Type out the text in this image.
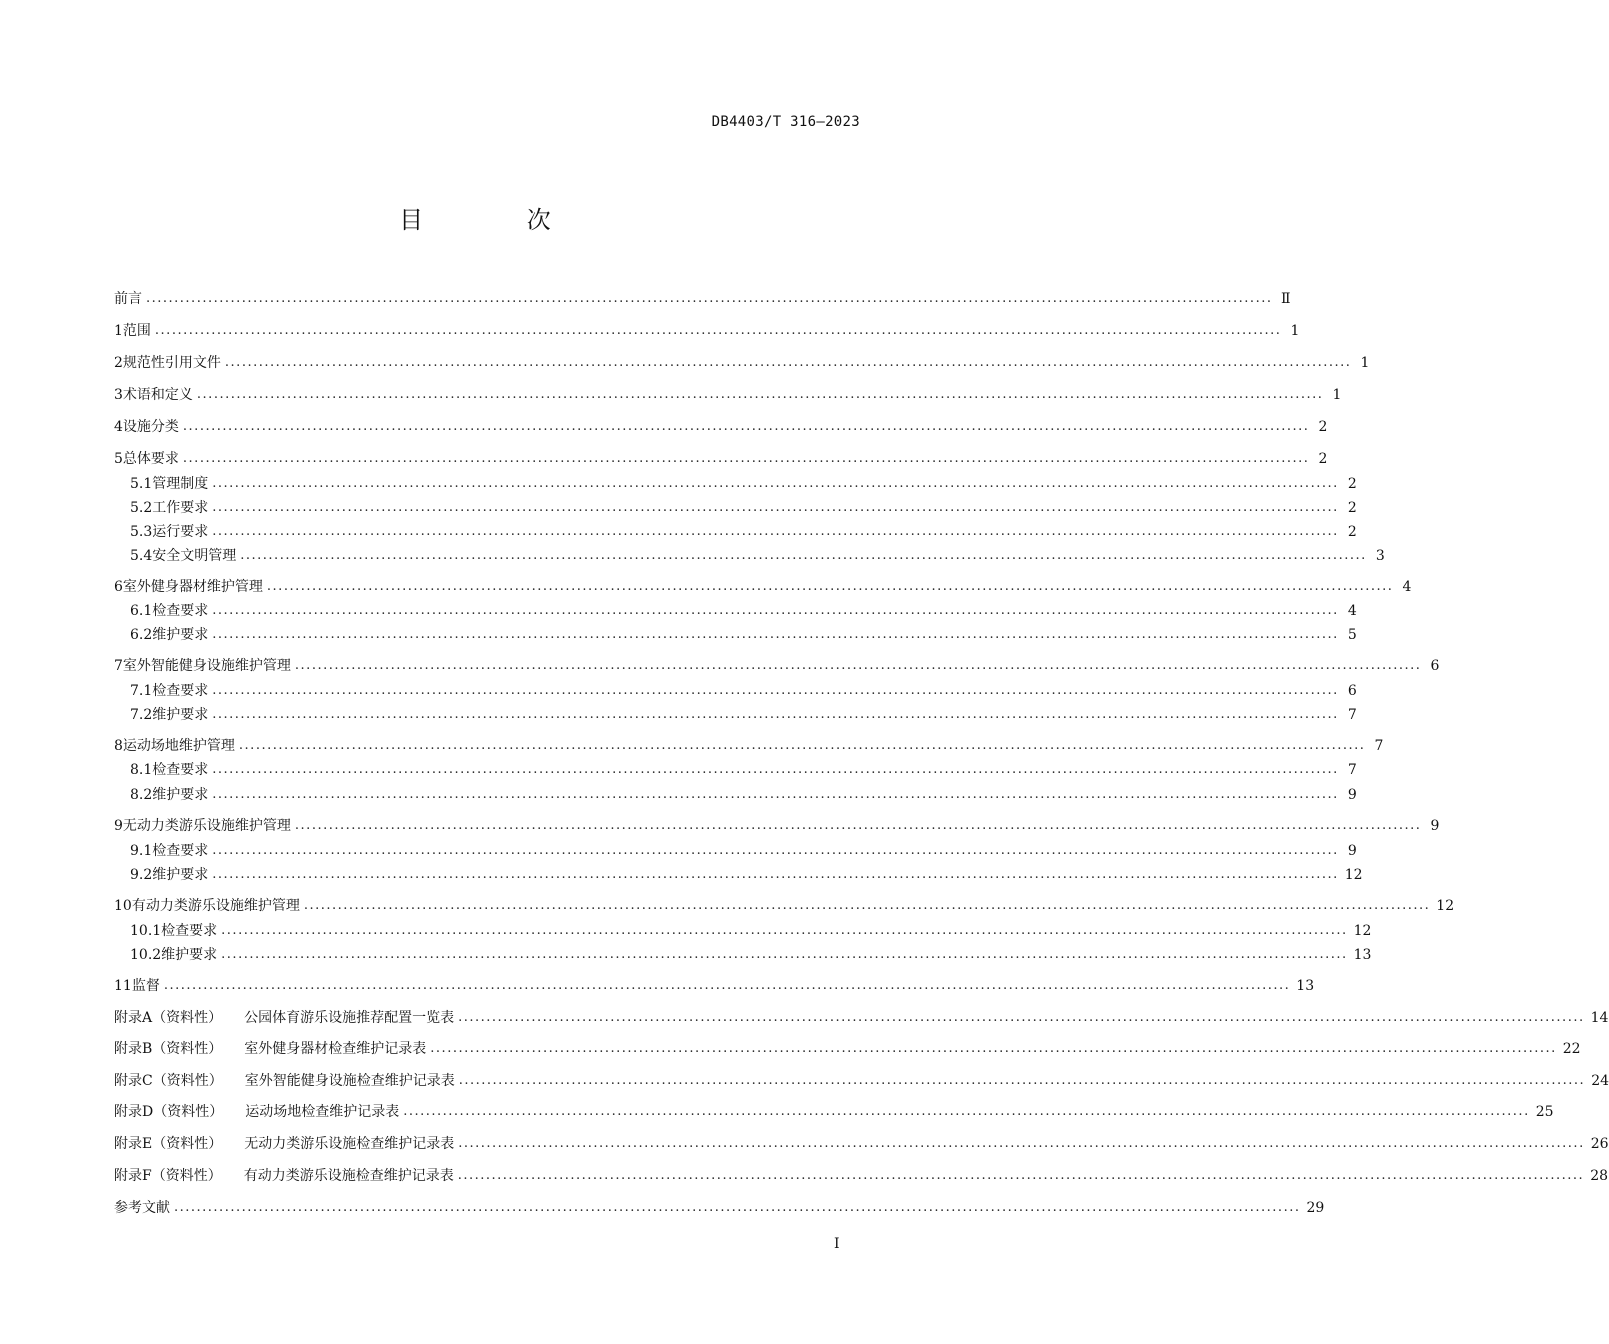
DB4403/T 316—2023
目 次
前言 ........................................................................................................................................................................................................ Ⅱ
1 范围 ........................................................................................................................................................................................................ 1
2 规范性引用文件 ........................................................................................................................................................................................................ 1
3 术语和定义 ........................................................................................................................................................................................................ 1
4 设施分类 ........................................................................................................................................................................................................ 2
5 总体要求 ........................................................................................................................................................................................................ 2
5.1 管理制度 ........................................................................................................................................................................................................ 2
5.2 工作要求 ........................................................................................................................................................................................................ 2
5.3 运行要求 ........................................................................................................................................................................................................ 2
5.4 安全文明管理 ........................................................................................................................................................................................................ 3
6 室外健身器材维护管理 ........................................................................................................................................................................................................ 4
6.1 检查要求 ........................................................................................................................................................................................................ 4
6.2 维护要求 ........................................................................................................................................................................................................ 5
7 室外智能健身设施维护管理 ........................................................................................................................................................................................................ 6
7.1 检查要求 ........................................................................................................................................................................................................ 6
7.2 维护要求 ........................................................................................................................................................................................................ 7
8 运动场地维护管理 ........................................................................................................................................................................................................ 7
8.1 检查要求 ........................................................................................................................................................................................................ 7
8.2 维护要求 ........................................................................................................................................................................................................ 9
9 无动力类游乐设施维护管理 ........................................................................................................................................................................................................ 9
9.1 检查要求 ........................................................................................................................................................................................................ 9
9.2 维护要求 ........................................................................................................................................................................................................ 12
10 有动力类游乐设施维护管理 ........................................................................................................................................................................................................ 12
10.1 检查要求 ........................................................................................................................................................................................................ 12
10.2 维护要求 ........................................................................................................................................................................................................ 13
11 监督 ........................................................................................................................................................................................................ 13
附录A（资料性） 公园体育游乐设施推荐配置一览表 ........................................................................................................................................................................................................ 14
附录B（资料性） 室外健身器材检查维护记录表 ........................................................................................................................................................................................................ 22
附录C（资料性） 室外智能健身设施检查维护记录表 ........................................................................................................................................................................................................ 24
附录D（资料性） 运动场地检查维护记录表 ........................................................................................................................................................................................................ 25
附录E（资料性） 无动力类游乐设施检查维护记录表 ........................................................................................................................................................................................................ 26
附录F（资料性） 有动力类游乐设施检查维护记录表 ........................................................................................................................................................................................................ 28
参考文献 ........................................................................................................................................................................................................ 29
I
